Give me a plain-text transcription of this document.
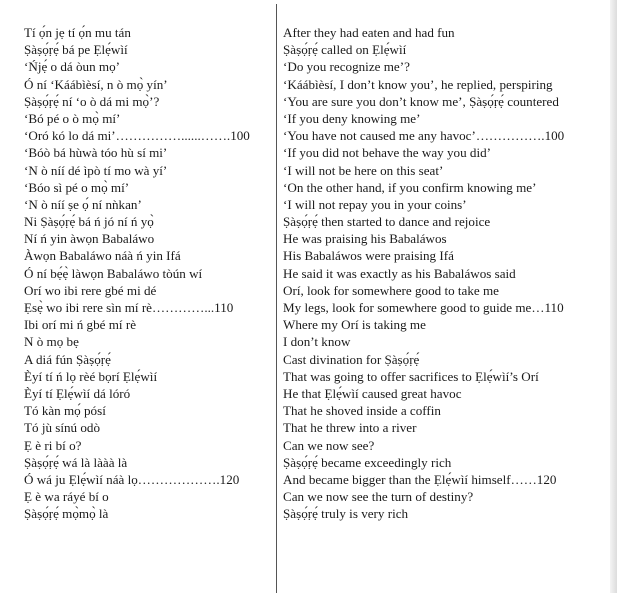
Tí ọ́n jẹ tí ọ́n mu tán
Ṣàṣọ́ṛẹ́ bá pe Ẹlẹ́wìí
‘Ńjẹ́ o dá òun mọ’
Ó ní ‘Káábìèsí, n ò mọ̀ yín’
Ṣàṣọ́ṛẹ́ ní ‘o ò dá mi mọ̀’?
‘Bó pé o ò mọ̀ mí’
‘Oró kó lo dá mi’……………......…….100
‘Bóò bá hùwà tóo hù sí mi’
‘N ò níí dé ìpò tí mo wà yí’
‘Bóo sì pé o mọ̀ mí’
‘N ò níí ṣe ọ́ ní nǹkan’
Ni Ṣàṣọ́ṛẹ́ bá ń jó ní ń yọ̀
Ní ń yin àwọn Babaláwo
Àwọn Babaláwo náà ń yin Ifá
Ó ní bẹ́ẹ̀ làwọn Babaláwo tòún wí
Orí wo ibi rere gbé mi dé
Ẹsẹ̀ wo ibi rere sìn mí rè…………...110
Ibi orí mi ń gbé mí rè
N ò mọ bẹ
A diá fún Ṣàṣọ́ṛẹ́
Èyí tí ń lọ rèé bọrí Ẹlẹ́wìí
Èyí tí Ẹlẹ́wìí dá lóró
Tó kàn mọ́ pósí
Tó jù sínú odò
Ẹ è ri bí o?
Ṣàṣọ́ṛẹ́ wá là lààà là
Ó wá ju Ẹlẹ́wìí náà lọ……………….120
Ẹ è wa ráyé bí o
Ṣàṣọ́ṛẹ́ mọ̀mọ̀ là
After they had eaten and had fun
Ṣàṣọ́ṛẹ́ called on Ẹlẹ́wìí
‘Do you recognize me’?
‘Káábìèsí, I don’t know you’, he replied, perspiring
‘You are sure you don’t know me’, Ṣàṣọ́ṛẹ́ countered
‘If you deny knowing me’
‘You have not caused me any havoc’…………….100
‘If you did not behave the way you did’
‘I will not be here on this seat’
‘On the other hand, if you confirm knowing me’
‘I will not repay you in your coins’
Ṣàṣọ́ṛẹ́ then started to dance and rejoice
He was praising his Babaláwos
His Babaláwos were praising Ifá
He said it was exactly as his Babaláwos said
Orí, look for somewhere good to take me
My legs, look for somewhere good to guide me…110
Where my Orí is taking me
I don’t know
Cast divination for Ṣàṣọ́ṛẹ́
That was going to offer sacrifices to Ẹlẹ́wìí’s Orí
He that Ẹlẹ́wìí caused great havoc
That he shoved inside a coffin
That he threw into a river
Can we now see?
Ṣàṣọ́ṛẹ́ became exceedingly rich
And became bigger than the Ẹlẹ́wìí himself……120
Can we now see the turn of destiny?
Ṣàṣọ́ṛẹ́ truly is very rich
